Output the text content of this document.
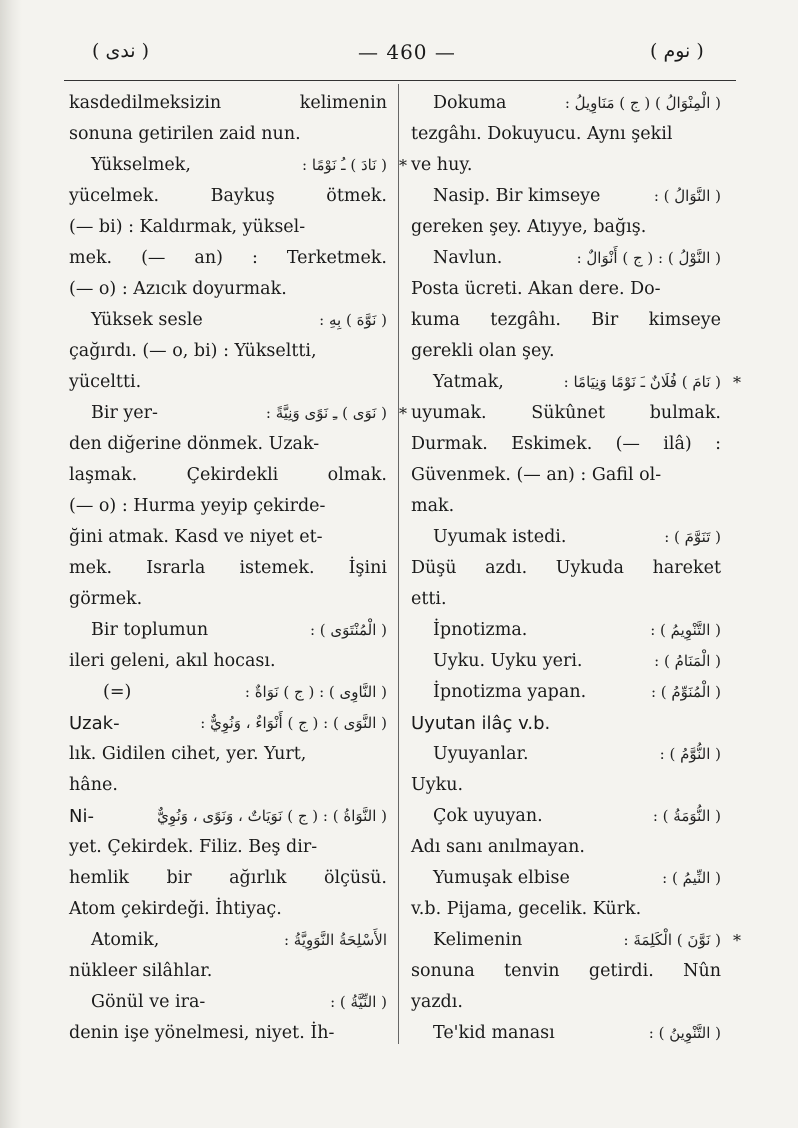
( ندى )	— 460 —	( نوم )
kasdedilmeksizin	kelimenin
sonuna getirilen zaid nun.
Yükselmek,	( نَادَ ) ـُ نَوْمًا : *
yücelmek.	Baykuş	ötmek.
(— bi) : Kaldırmak, yüksel-
mek. (— an) : Terketmek.
(— o) : Azıcık doyurmak.
Yüksek sesle	( نَوَّهَ ) بِهِ :
çağırdı. (— o, bi) : Yükseltti,
yüceltti.
Bir yer-	( نَوَى ) ـِ نَوًى وَنِيَّةً : *
den diğerine dönmek. Uzak-
laşmak.	Çekirdekli	olmak.
(— o) : Hurma yeyip çekirde-
ğini atmak. Kasd ve niyet et-
mek. Israrla istemek. İşini
görmek.
Bir toplumun	( الْمُنْتَوَى ) :
ileri geleni, akıl hocası.
(=)	( النَّاوِى ) : ( ج ) نَوَاةٌ :
Uzak-	( النَّوَى ) : ( ج ) أَنْوَاءٌ ، وَنُوِيٌّ :
lık. Gidilen cihet, yer. Yurt,
hâne.
Ni-	( النَّوَاةُ ) : ( ج ) نَوَيَاتٌ ، وَنَوًى ، وَنُوِيٌّ
yet. Çekirdek. Filiz. Beş dir-
hemlik bir ağırlık ölçüsü.
Atom çekirdeği. İhtiyaç.
Atomik,	الأَسْلِحَةُ النَّوَوِيَّةُ :
nükleer silâhlar.
Gönül ve ira-	( النِّيَّةُ ) :
denin işe yönelmesi, niyet. İh-
Dokuma	( الْمِنْوَالُ ) ( ج ) مَنَاوِيلُ :
tezgâhı. Dokuyucu. Aynı şekil
ve huy.
Nasip. Bir kimseye	( النَّوَالُ ) :
gereken şey. Atıyye, bağış.
Navlun.	( النَّوْلُ ) : ( ج ) أَنْوَالٌ :
Posta ücreti. Akan dere. Do-
kuma tezgâhı. Bir kimseye
gerekli olan şey.
Yatmak,	( نَامَ ) فُلَانٌ ـَ نَوْمًا وَنِيَامًا : *
uyumak.	Sükûnet	bulmak.
Durmak. Eskimek. (— ilâ) :
Güvenmek. (— an) : Gafil ol-
mak.
Uyumak istedi.	( تَنَوَّمَ ) :
Düşü azdı. Uykuda hareket
etti.
İpnotizma.	( التَّنْوِيمُ ) :
Uyku. Uyku yeri.	( الْمَنَامُ ) :
İpnotizma yapan.	( الْمُنَوِّمُ ) :
Uyutan ilâç v.b.
Uyuyanlar.	( النُّوَّمُ ) :
Uyku.
Çok uyuyan.	( النُّوَمَةُ ) :
Adı sanı anılmayan.
Yumuşak elbise	( النِّيمُ ) :
v.b. Pijama, gecelik. Kürk.
Kelimenin	( نَوَّنَ ) الْكَلِمَةَ : *
sonuna tenvin getirdi. Nûn
yazdı.
Te'kid manası	( التَّنْوِينُ ) :
